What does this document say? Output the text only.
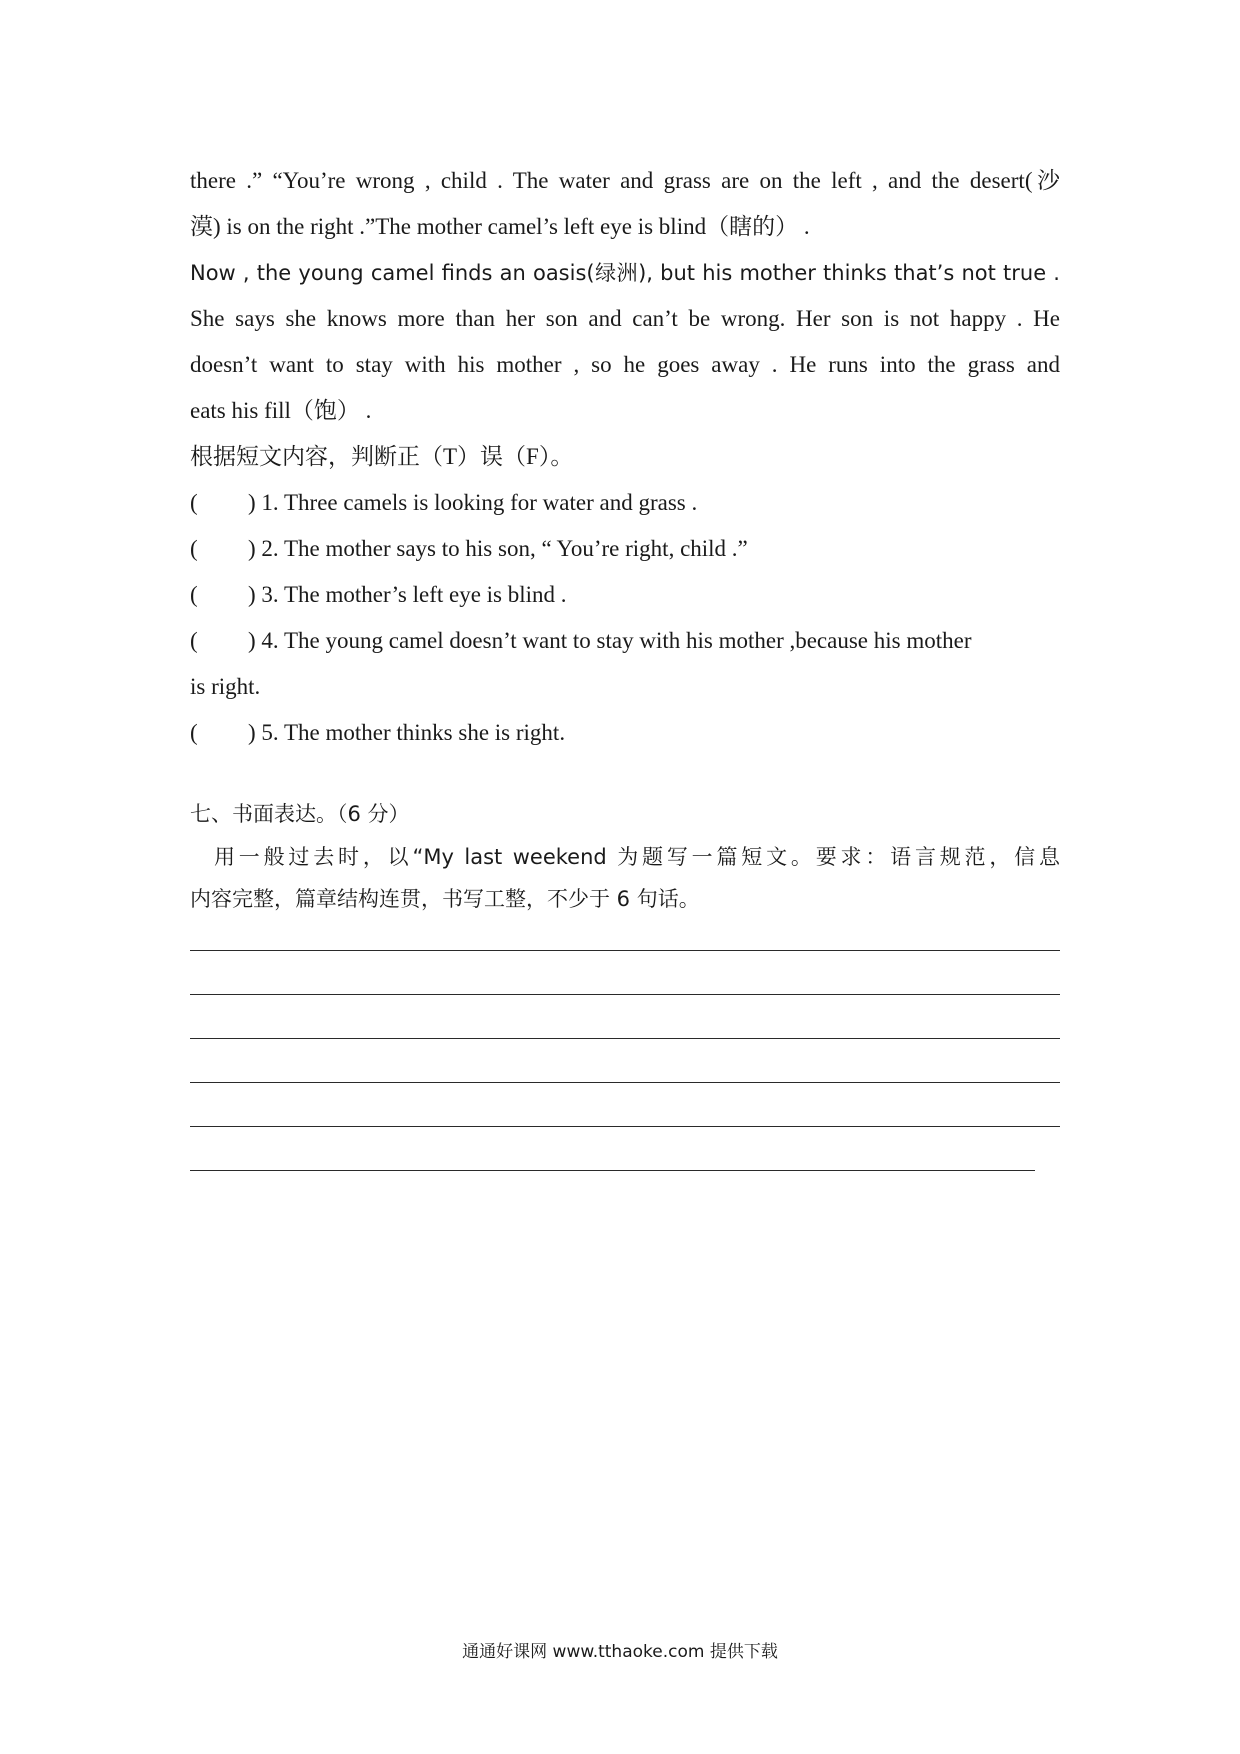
there .” “You’re wrong , child . The water and grass are on the left , and the desert(沙
漠) is on the right .”The mother camel’s left eye is blind（瞎的） .
Now , the young camel finds an oasis(绿洲), but his mother thinks that’s not true .
She says she knows more than her son and can’t be wrong. Her son is not happy . He
doesn’t want to stay with his mother , so he goes away . He runs into the grass and
eats his fill（饱） .
根据短文内容，判断正（T）误（F）。
( ) 1. Three camels is looking for water and grass .
( ) 2. The mother says to his son, “ You’re right, child .”
( ) 3. The mother’s left eye is blind .
( ) 4. The young camel doesn’t want to stay with his mother ,because his mother
is right.
( ) 5. The mother thinks she is right.
七、书面表达。（6 分）
用一般过去时，以“My last weekend 为题写一篇短文。要求：语言规范，信息
内容完整，篇章结构连贯，书写工整，不少于 6 句话。
通通好课网 www.tthaoke.com 提供下载
